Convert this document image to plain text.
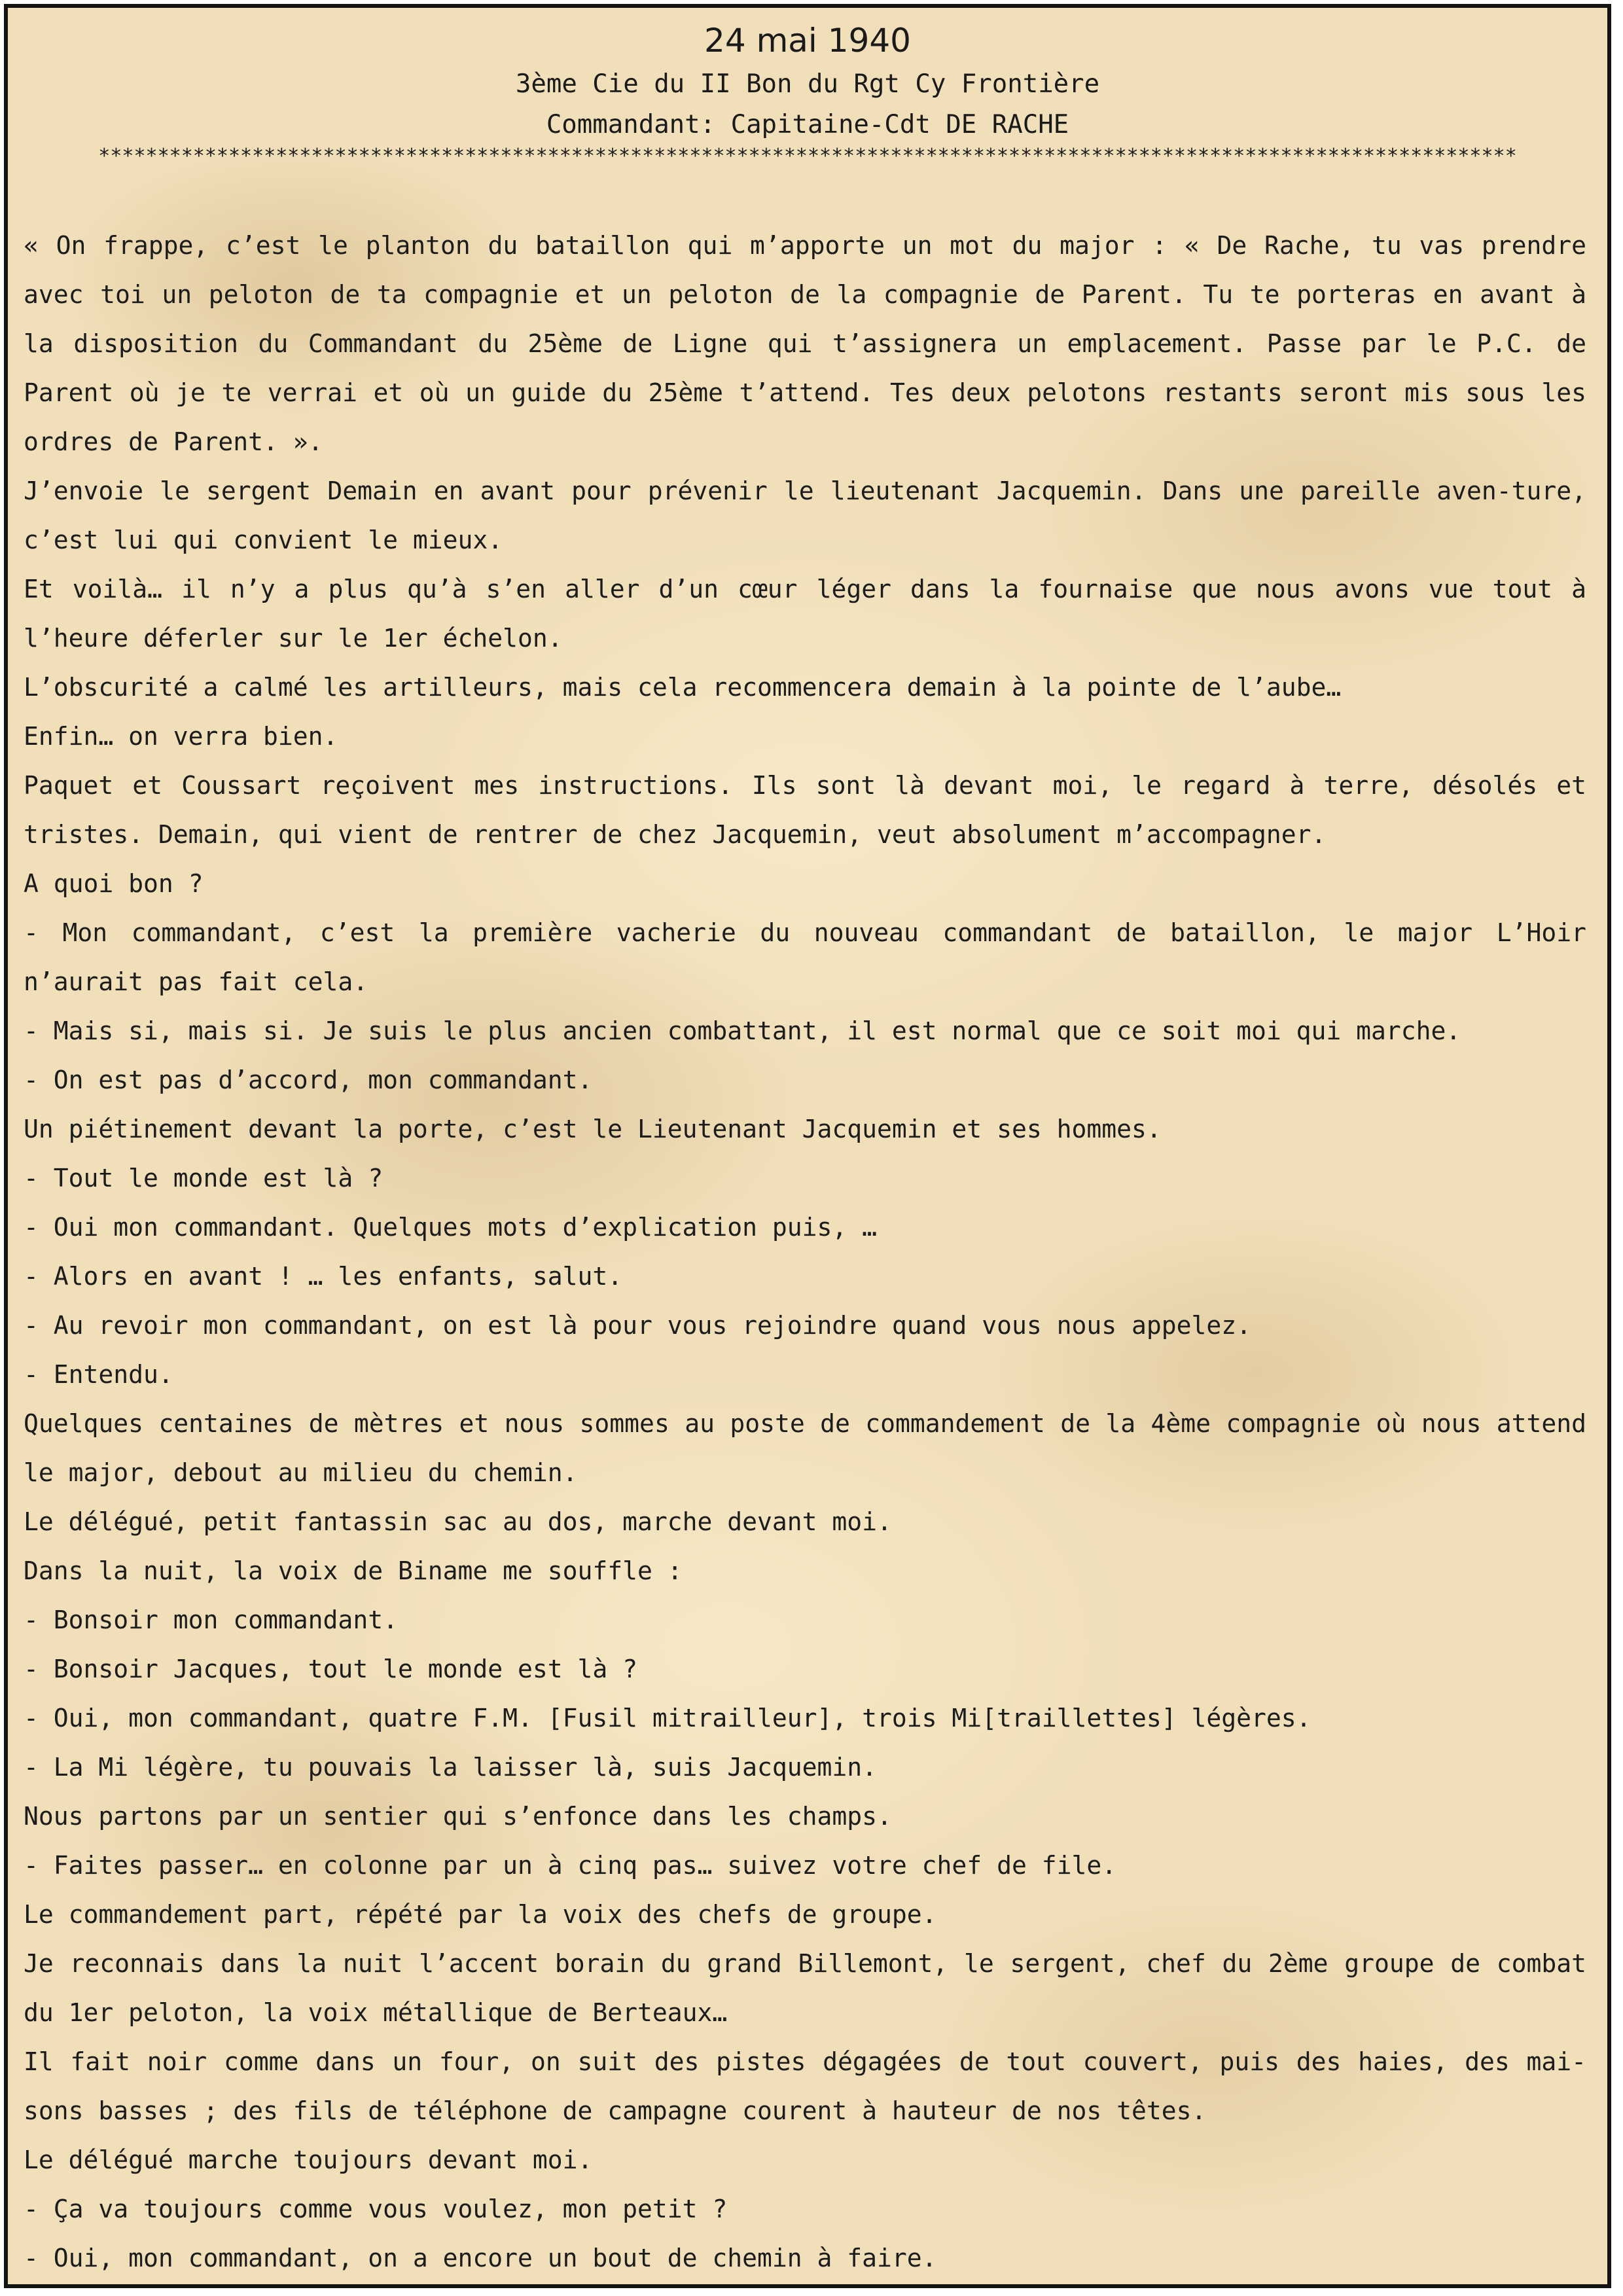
24 mai 1940

3ème Cie du II Bon du Rgt Cy Frontière

Commandant: Capitaine-Cdt DE RACHE

************************************************************************************************************************

« On frappe, c’est le planton du bataillon qui m’apporte un mot du major : « De Rache, tu vas prendre avec toi un peloton de ta compagnie et un peloton de la compagnie de Parent. Tu te porteras en avant à la disposition du Commandant du 25ème de Ligne qui t’assignera un emplacement. Passe par le P.C. de Parent où je te verrai et où un guide du 25ème t’attend. Tes deux pelotons restants seront mis sous les ordres de Parent. ».

J’envoie le sergent Demain en avant pour prévenir le lieutenant Jacquemin. Dans une pareille aven-ture, c’est lui qui convient le mieux.

Et voilà… il n’y a plus qu’à s’en aller d’un cœur léger dans la fournaise que nous avons vue tout à l’heure déferler sur le 1er échelon.

L’obscurité a calmé les artilleurs, mais cela recommencera demain à la pointe de l’aube…

Enfin… on verra bien.

Paquet et Coussart reçoivent mes instructions. Ils sont là devant moi, le regard à terre, désolés et tristes. Demain, qui vient de rentrer de chez Jacquemin, veut absolument m’accompagner.

A quoi bon ?

- Mon commandant, c’est la première vacherie du nouveau commandant de bataillon, le major L’Hoir n’aurait pas fait cela.

- Mais si, mais si. Je suis le plus ancien combattant, il est normal que ce soit moi qui marche.

- On est pas d’accord, mon commandant.

Un piétinement devant la porte, c’est le Lieutenant Jacquemin et ses hommes.

- Tout le monde est là ?

- Oui mon commandant. Quelques mots d’explication puis, …

- Alors en avant ! … les enfants, salut.

- Au revoir mon commandant, on est là pour vous rejoindre quand vous nous appelez.

- Entendu.

Quelques centaines de mètres et nous sommes au poste de commandement de la 4ème compagnie où nous attend le major, debout au milieu du chemin.

Le délégué, petit fantassin sac au dos, marche devant moi.

Dans la nuit, la voix de Biname me souffle :

- Bonsoir mon commandant.

- Bonsoir Jacques, tout le monde est là ?

- Oui, mon commandant, quatre F.M. [Fusil mitrailleur], trois Mi[traillettes] légères.

- La Mi légère, tu pouvais la laisser là, suis Jacquemin.

Nous partons par un sentier qui s’enfonce dans les champs.

- Faites passer… en colonne par un à cinq pas… suivez votre chef de file.

Le commandement part, répété par la voix des chefs de groupe.

Je reconnais dans la nuit l’accent borain du grand Billemont, le sergent, chef du 2ème groupe de combat du 1er peloton, la voix métallique de Berteaux…

Il fait noir comme dans un four, on suit des pistes dégagées de tout couvert, puis des haies, des mai-sons basses ; des fils de téléphone de campagne courent à hauteur de nos têtes.

Le délégué marche toujours devant moi.

- Ça va toujours comme vous voulez, mon petit ?

- Oui, mon commandant, on a encore un bout de chemin à faire.
